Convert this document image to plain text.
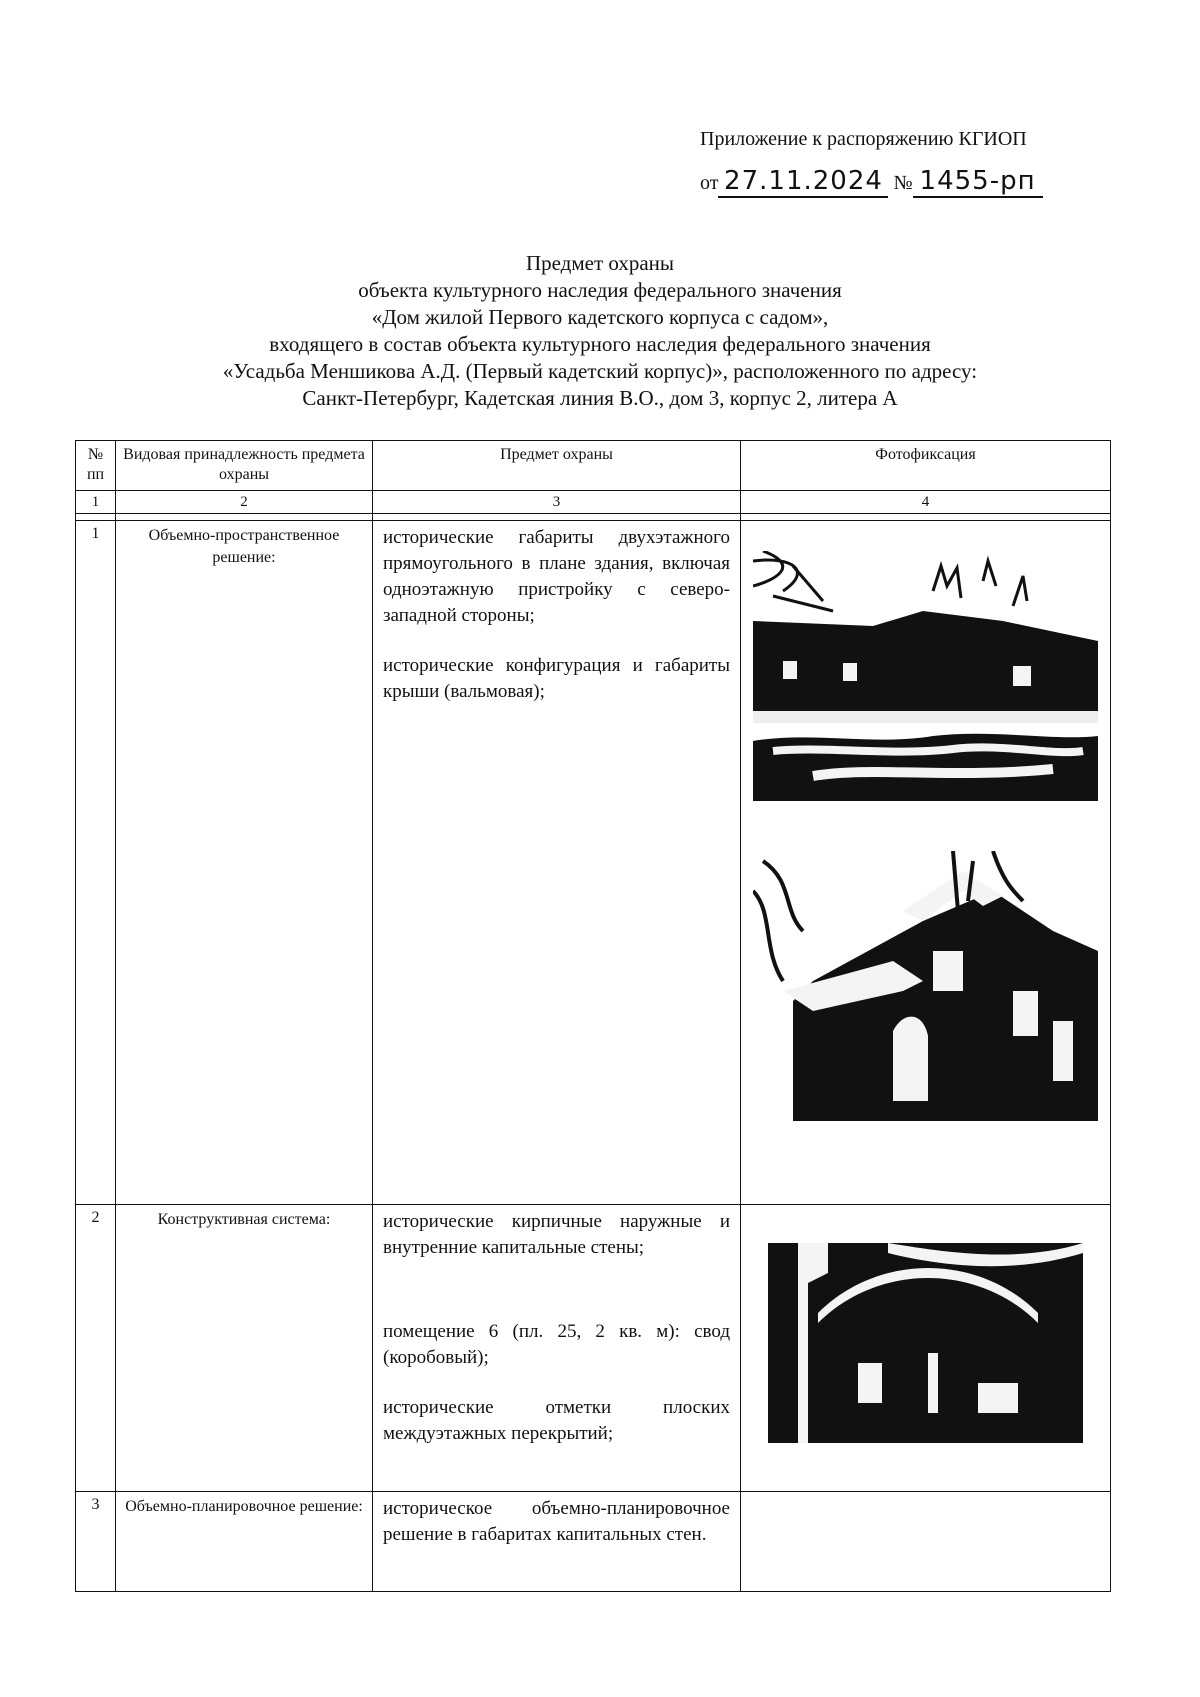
Приложение к распоряжению КГИОП
от 27.11.2024 № 1455-рп
Предмет охраны
объекта культурного наследия федерального значения
«Дом жилой Первого кадетского корпуса с садом»,
входящего в состав объекта культурного наследия федерального значения
«Усадьба Меншикова А.Д. (Первый кадетский корпус)», расположенного по адресу:
Санкт-Петербург, Кадетская линия В.О., дом 3, корпус 2, литера А
№ пп	Видовая принадлежность предмета охраны	Предмет охраны	Фотофиксация
1	2	3	4

1	Объемно-пространственное решение:	исторические габариты двухэтажного прямоугольного в плане здания, включая одноэтажную пристройку с северо-западной стороны;

исторические конфигурация и габариты крыши (вальмовая);

2	Конструктивная система:	исторические кирпичные наружные и внутренние капитальные стены;

помещение 6 (пл. 25, 2 кв. м): свод (коробовый);

исторические отметки плоских междуэтажных перекрытий;

3	Объемно-планировочное решение:	историческое объемно-планировочное решение в габаритах капитальных стен.	
